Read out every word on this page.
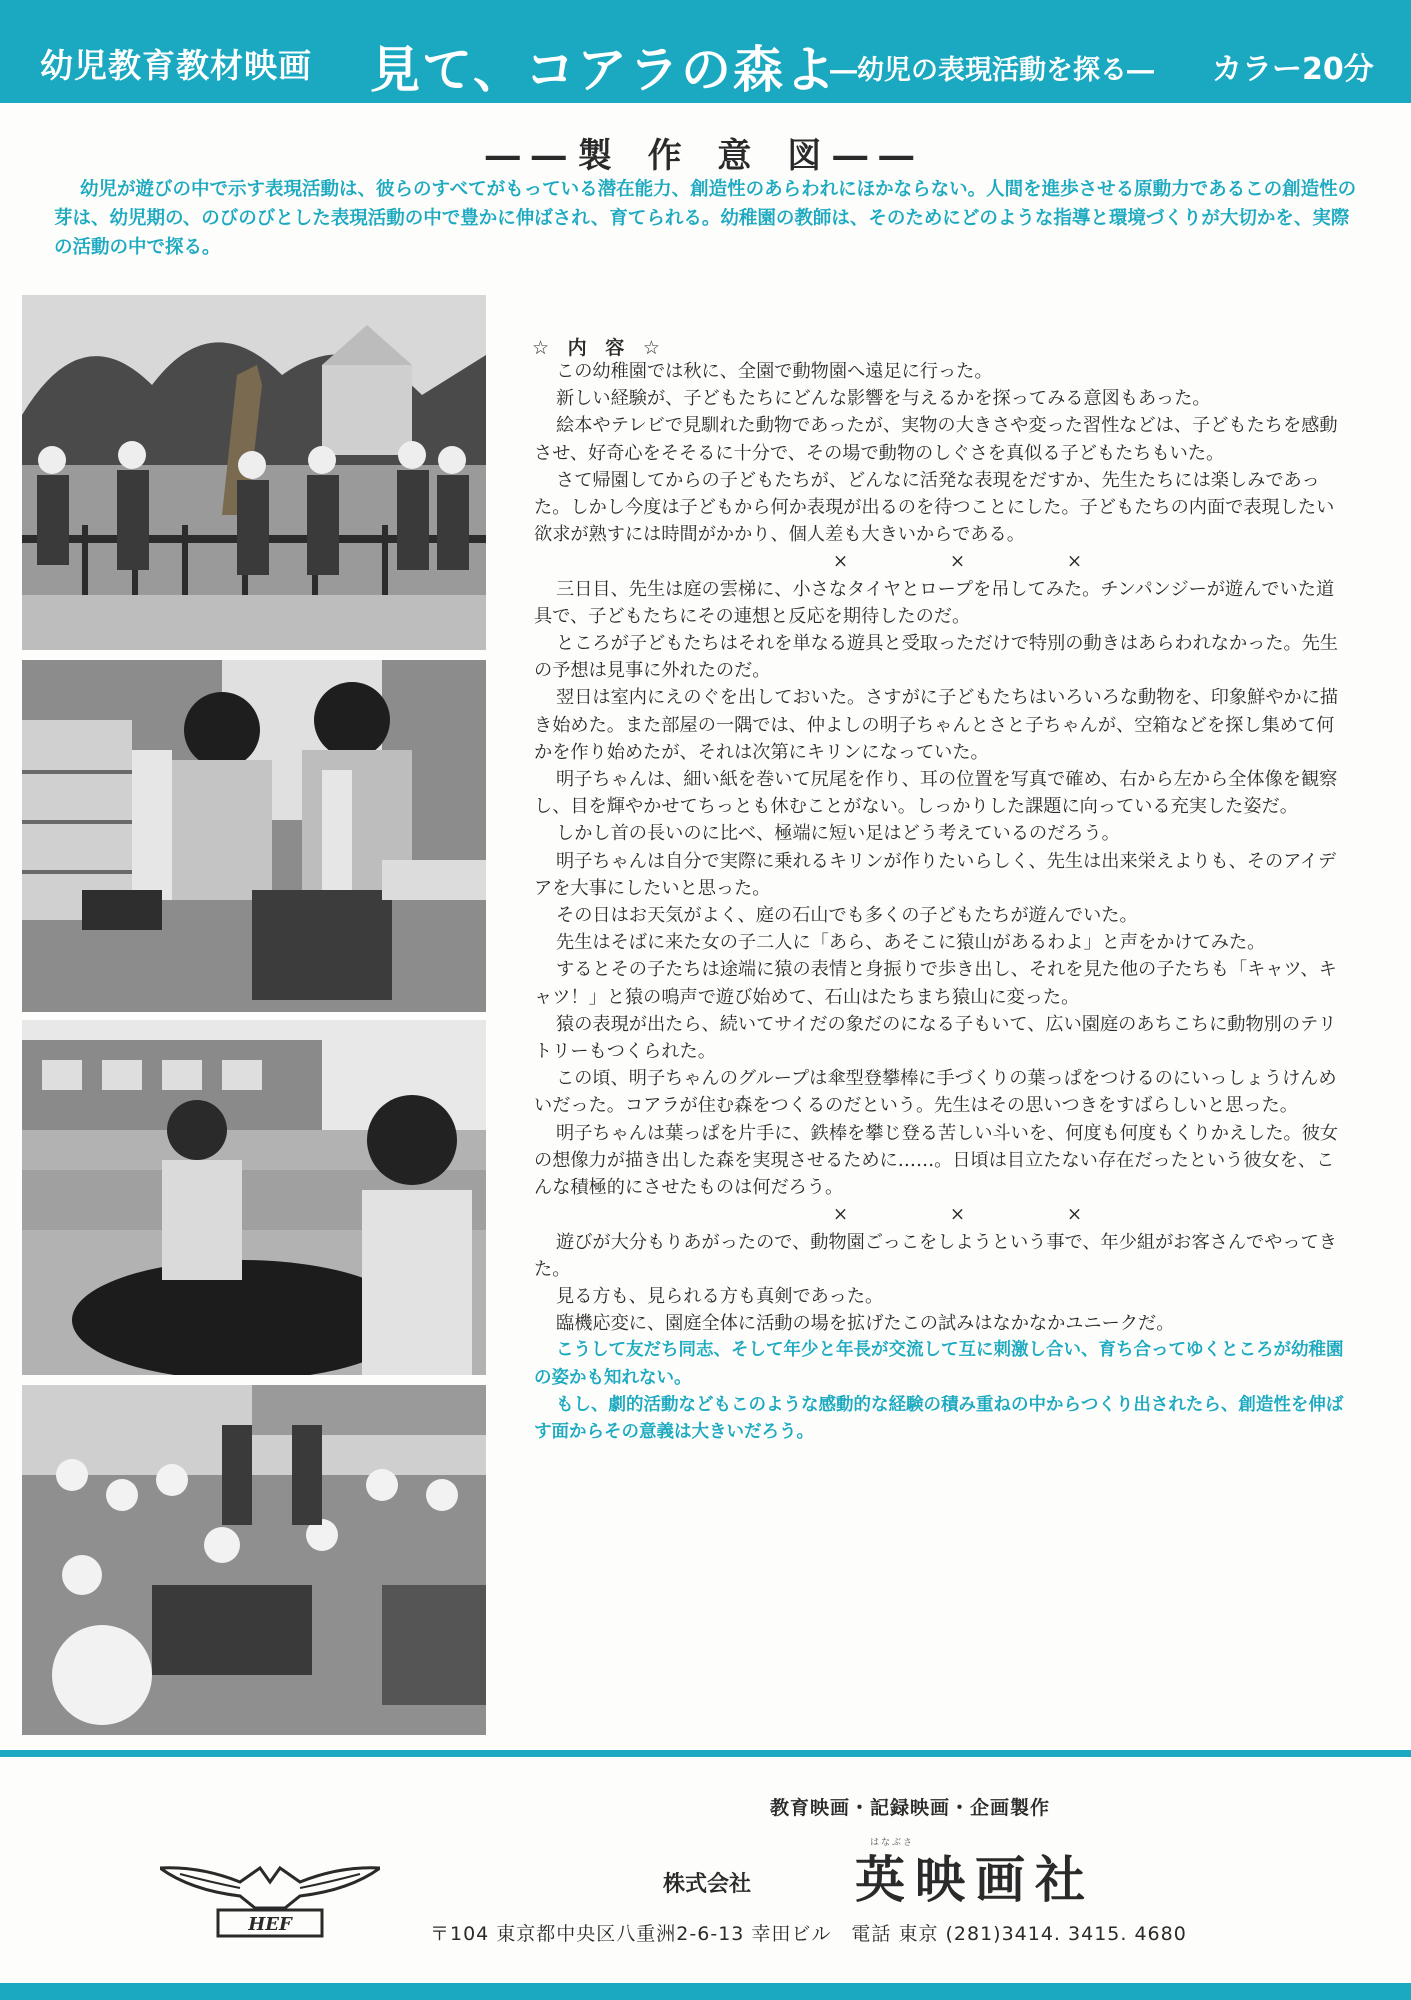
幼児教育教材映画 見て、コアラの森よ
―幼児の表現活動を探る― カラー20分
――製 作 意 図――

幼児が遊びの中で示す表現活動は、彼らのすべてがもっている潜在能力、創造性のあらわれにほかならない。人間を進歩させる原動力であるこの創造性の芽は、幼児期の、のびのびとした表現活動の中で豊かに伸ばされ、育てられる。幼稚園の教師は、そのためにどのような指導と環境づくりが大切かを、実際の活動の中で探る。

☆ 内 容 ☆

この幼稚園では秋に、全園で動物園へ遠足に行った。

新しい経験が、子どもたちにどんな影響を与えるかを探ってみる意図もあった。

絵本やテレビで見馴れた動物であったが、実物の大きさや変った習性などは、子どもたちを感動させ、好奇心をそそるに十分で、その場で動物のしぐさを真似る子どもたちもいた。

さて帰園してからの子どもたちが、どんなに活発な表現をだすか、先生たちには楽しみであった。しかし今度は子どもから何か表現が出るのを待つことにした。子どもたちの内面で表現したい欲求が熟すには時間がかかり、個人差も大きいからである。

× × ×

三日目、先生は庭の雲梯に、小さなタイヤとロープを吊してみた。チンパンジーが遊んでいた道具で、子どもたちにその連想と反応を期待したのだ。

ところが子どもたちはそれを単なる遊具と受取っただけで特別の動きはあらわれなかった。先生の予想は見事に外れたのだ。

翌日は室内にえのぐを出しておいた。さすがに子どもたちはいろいろな動物を、印象鮮やかに描き始めた。また部屋の一隅では、仲よしの明子ちゃんとさと子ちゃんが、空箱などを探し集めて何かを作り始めたが、それは次第にキリンになっていた。

明子ちゃんは、細い紙を巻いて尻尾を作り、耳の位置を写真で確め、右から左から全体像を観察し、目を輝やかせてちっとも休むことがない。しっかりした課題に向っている充実した姿だ。

しかし首の長いのに比べ、極端に短い足はどう考えているのだろう。

明子ちゃんは自分で実際に乗れるキリンが作りたいらしく、先生は出来栄えよりも、そのアイデアを大事にしたいと思った。

その日はお天気がよく、庭の石山でも多くの子どもたちが遊んでいた。

先生はそばに来た女の子二人に「あら、あそこに猿山があるわよ」と声をかけてみた。

するとその子たちは途端に猿の表情と身振りで歩き出し、それを見た他の子たちも「キャツ、キャツ！」と猿の鳴声で遊び始めて、石山はたちまち猿山に変った。

猿の表現が出たら、続いてサイだの象だのになる子もいて、広い園庭のあちこちに動物別のテリトリーもつくられた。

この頃、明子ちゃんのグループは傘型登攀棒に手づくりの葉っぱをつけるのにいっしょうけんめいだった。コアラが住む森をつくるのだという。先生はその思いつきをすばらしいと思った。

明子ちゃんは葉っぱを片手に、鉄棒を攀じ登る苦しい斗いを、何度も何度もくりかえした。彼女の想像力が描き出した森を実現させるために……。日頃は目立たない存在だったという彼女を、こんな積極的にさせたものは何だろう。

× × ×

遊びが大分もりあがったので、動物園ごっこをしようという事で、年少組がお客さんでやってきた。

見る方も、見られる方も真剣であった。

臨機応変に、園庭全体に活動の場を拡げたこの試みはなかなかユニークだ。

こうして友だち同志、そして年少と年長が交流して互に刺激し合い、育ち合ってゆくところが幼稚園の姿かも知れない。

もし、劇的活動などもこのような感動的な経験の積み重ねの中からつくり出されたら、創造性を伸ばす面からその意義は大きいだろう。

HEF
教育映画・記録映画・企画製作
株式会社
はなぶさ
英映画社
〒104 東京都中央区八重洲2-6-13 幸田ビル　電話 東京 (281)3414. 3415. 4680
